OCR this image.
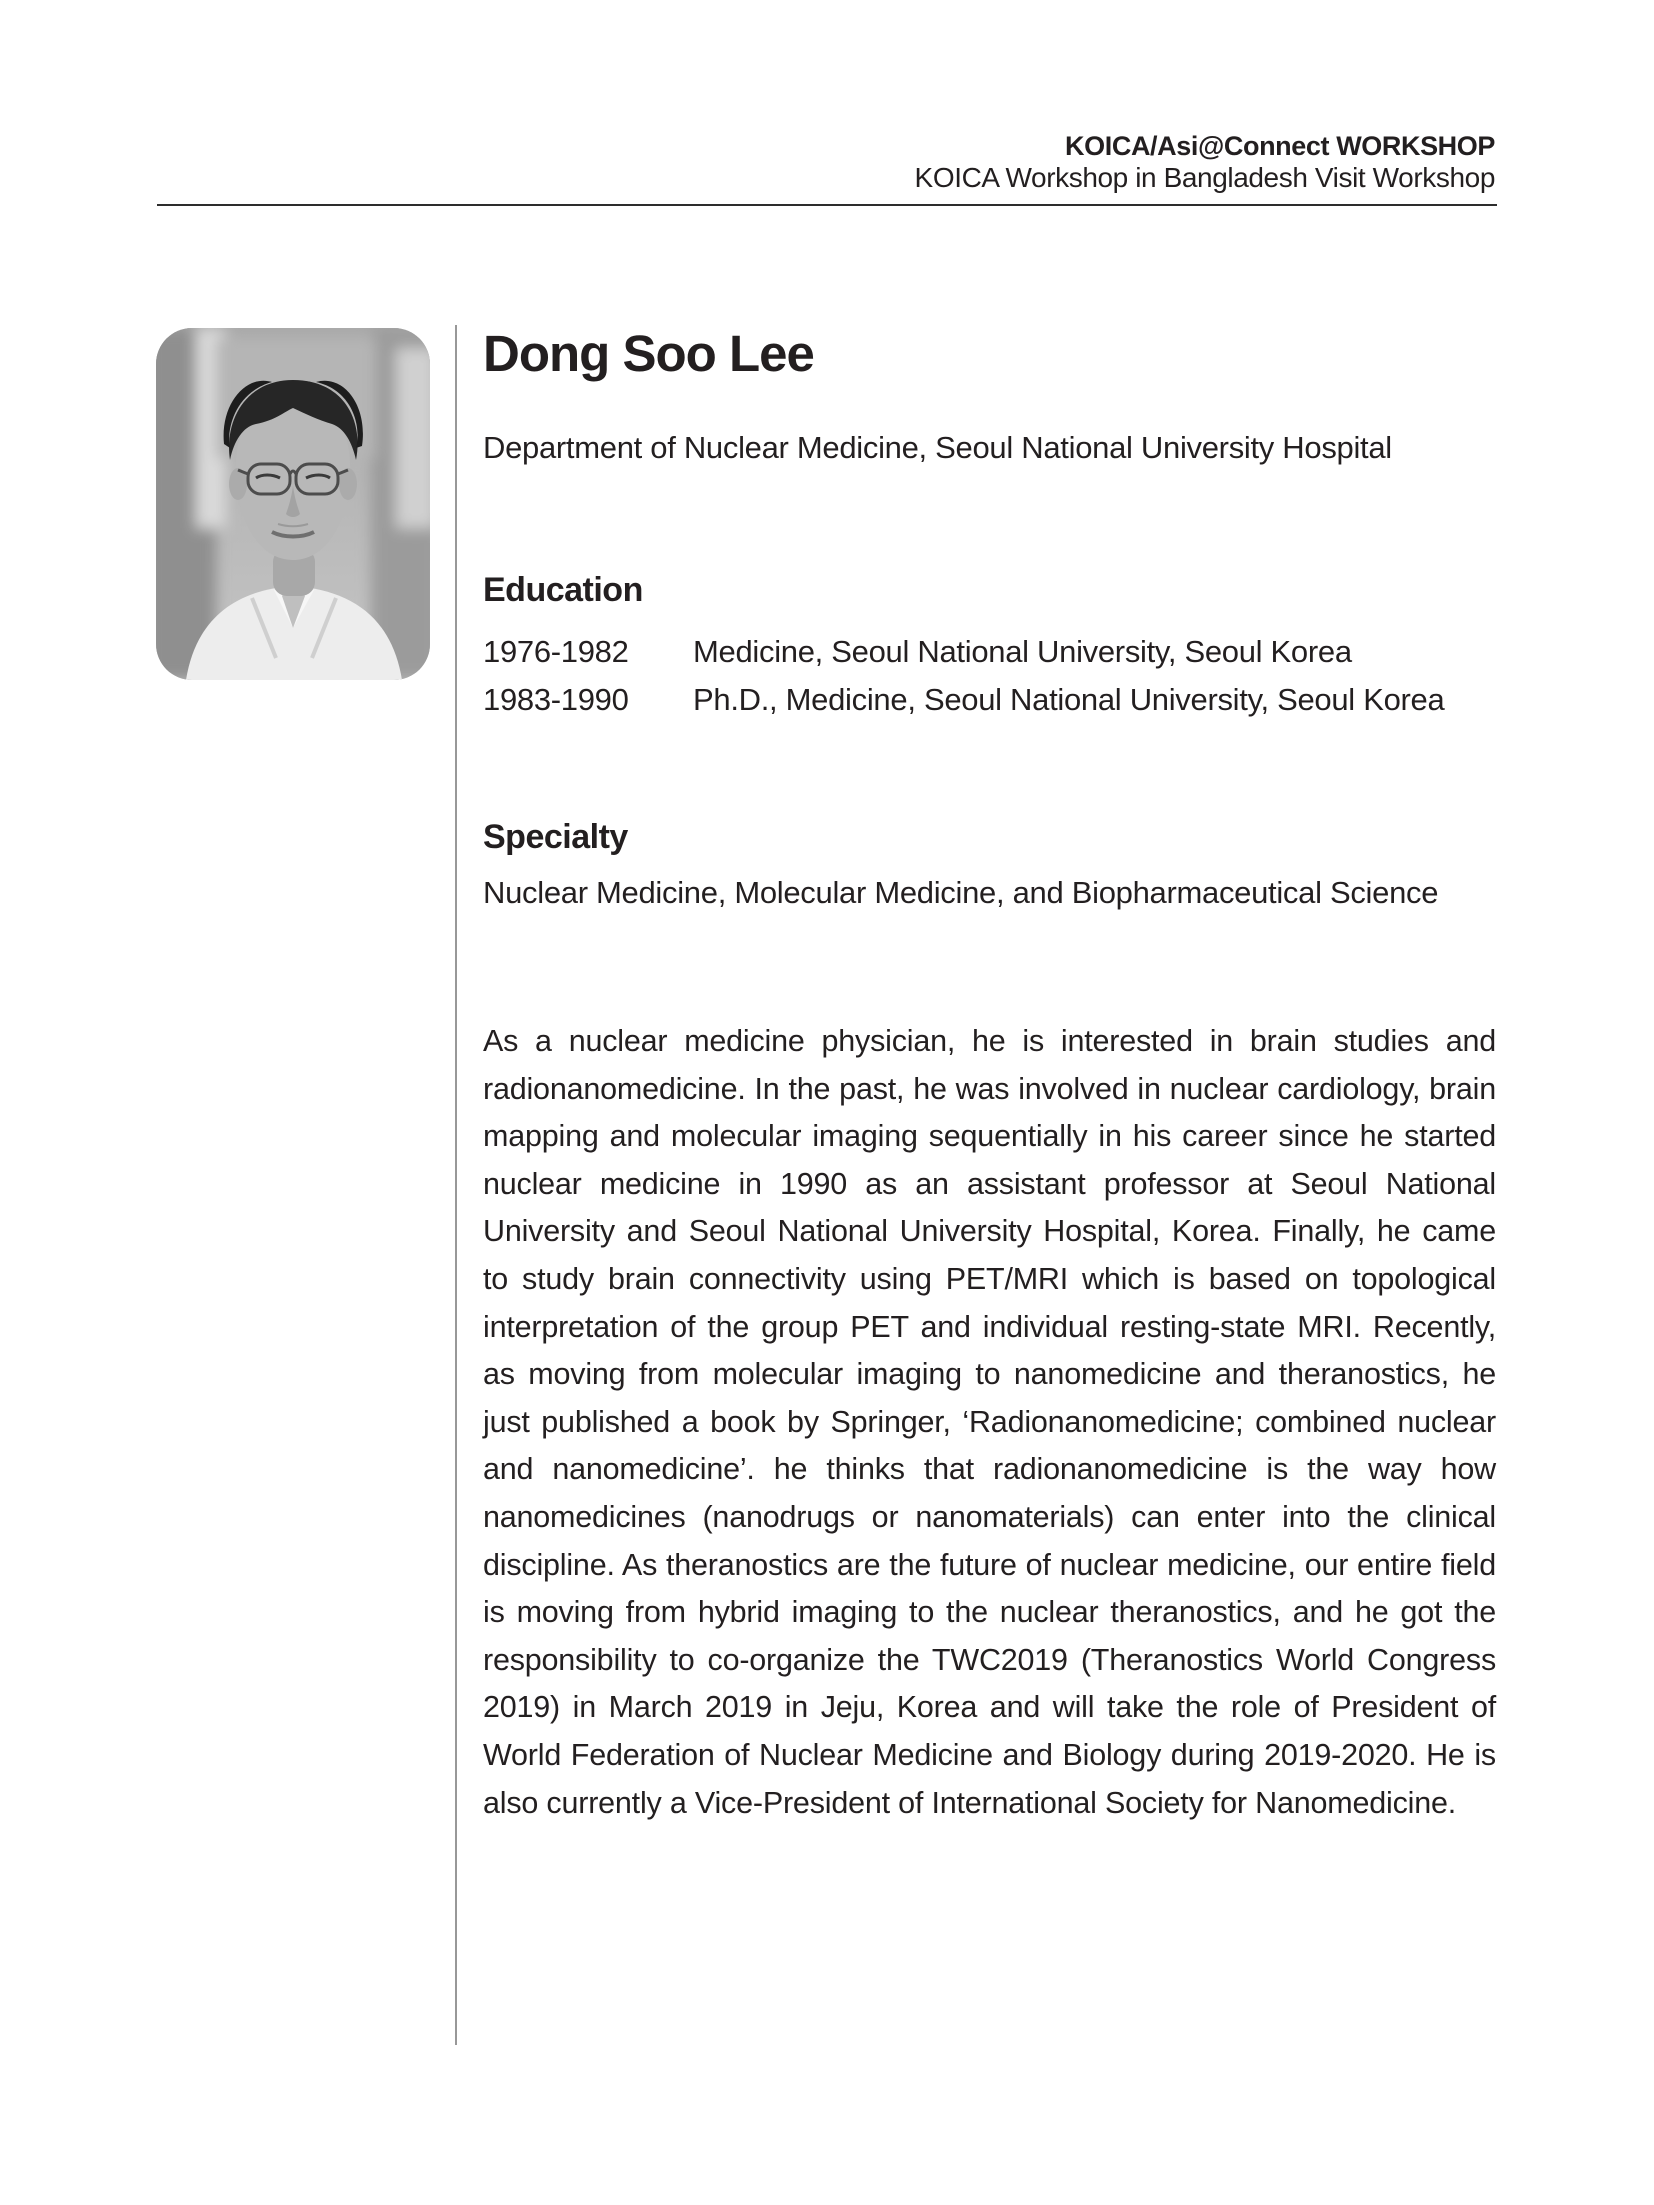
KOICA/Asi@Connect WORKSHOP
KOICA Workshop in Bangladesh Visit Workshop
Dong Soo Lee
Department of Nuclear Medicine, Seoul National University Hospital
Education
1976-1982	Medicine, Seoul National University, Seoul Korea
1983-1990	Ph.D., Medicine, Seoul National University, Seoul Korea
Specialty
Nuclear Medicine, Molecular Medicine, and Biopharmaceutical Science

As a nuclear medicine physician, he is interested in brain studies and radionanomedicine. In the past, he was involved in nuclear cardiology, brain mapping and molecular imaging sequentially in his career since he started nuclear medicine in 1990 as an assistant professor at Seoul National University and Seoul National University Hospital, Korea. Finally, he came to study brain connectivity using PET/MRI which is based on topological interpretation of the group PET and individual resting-state MRI. Recently, as moving from molecular imaging to nanomedicine and theranostics, he just published a book by Springer, ‘Radionanomedicine; combined nuclear and nanomedicine’. he thinks that radionanomedicine is the way how nanomedicines (nanodrugs or nanomaterials) can enter into the clinical discipline. As theranostics are the future of nuclear medicine, our entire field is moving from hybrid imaging to the nuclear theranostics, and he got the responsibility to co-organize the TWC2019 (Theranostics World Congress 2019) in March 2019 in Jeju, Korea and will take the role of President of World Federation of Nuclear Medicine and Biology during 2019-2020. He is also currently a Vice-President of International Society for Nanomedicine.
